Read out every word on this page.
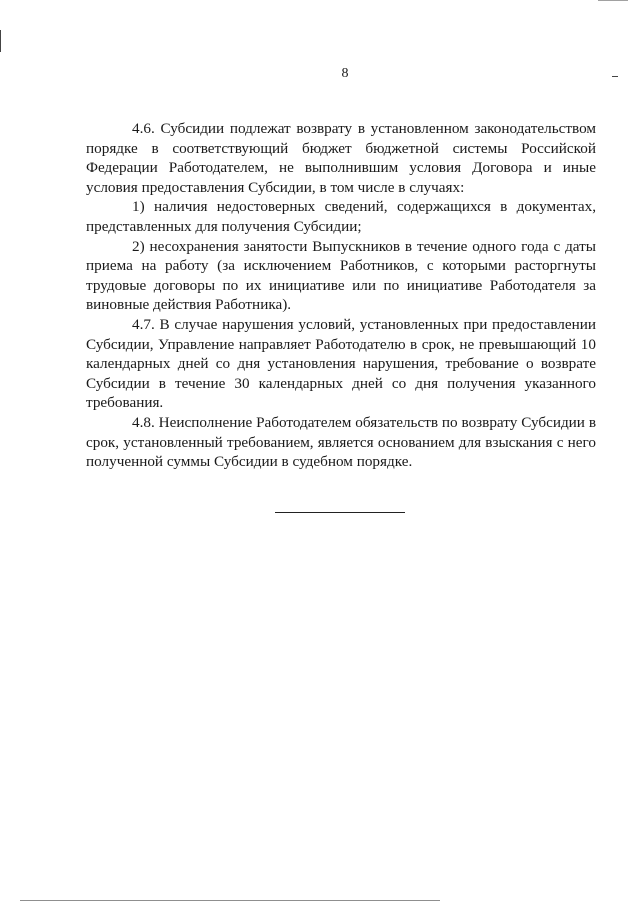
8

4.6. Субсидии подлежат возврату в установленном законодательством порядке в соответствующий бюджет бюджетной системы Российской Федерации Работодателем, не выполнившим условия Договора и иные условия предоставления Субсидии, в том числе в случаях:

1) наличия недостоверных сведений, содержащихся в документах, представленных для получения Субсидии;

2) несохранения занятости Выпускников в течение одного года с даты приема на работу (за исключением Работников, с которыми расторгнуты трудовые договоры по их инициативе или по инициативе Работодателя за виновные действия Работника).

4.7. В случае нарушения условий, установленных при предоставлении Субсидии, Управление направляет Работодателю в срок, не превышающий 10 календарных дней со дня установления нарушения, требование о возврате Субсидии в течение 30 календарных дней со дня получения указанного требования.

4.8. Неисполнение Работодателем обязательств по возврату Субсидии в срок, установленный требованием, является основанием для взыскания с него полученной суммы Субсидии в судебном порядке.
